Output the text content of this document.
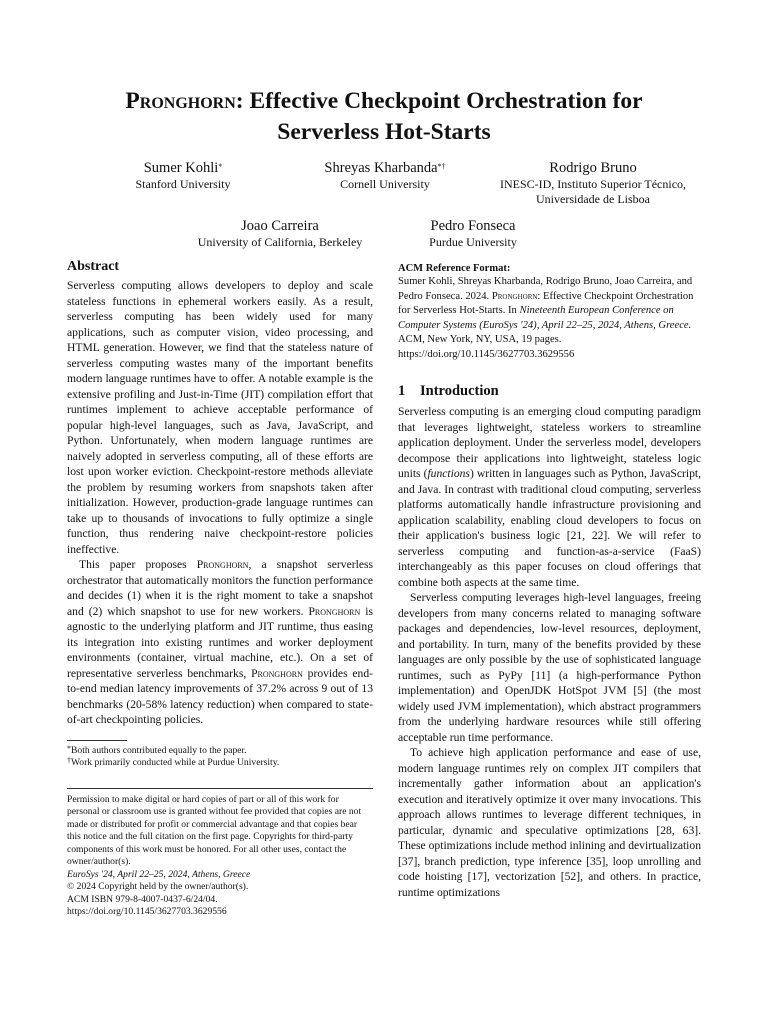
Pronghorn: Effective Checkpoint Orchestration for
Serverless Hot-Starts
Sumer Kohli*
Stanford University
Shreyas Kharbanda*†
Cornell University
Rodrigo Bruno
INESC-ID, Instituto Superior Técnico,
Universidade de Lisboa
Joao Carreira
University of California, Berkeley
Pedro Fonseca
Purdue University
Abstract

Serverless computing allows developers to deploy and scale stateless functions in ephemeral workers easily. As a result, serverless computing has been widely used for many applications, such as computer vision, video processing, and HTML generation. However, we find that the stateless nature of serverless computing wastes many of the important benefits modern language runtimes have to offer. A notable example is the extensive profiling and Just-in-Time (JIT) compilation effort that runtimes implement to achieve acceptable performance of popular high-level languages, such as Java, JavaScript, and Python. Unfortunately, when modern language runtimes are naively adopted in serverless computing, all of these efforts are lost upon worker eviction. Checkpoint-restore methods alleviate the problem by resuming workers from snapshots taken after initialization. However, production-grade language runtimes can take up to thousands of invocations to fully optimize a single function, thus rendering naive checkpoint-restore policies ineffective.

This paper proposes Pronghorn, a snapshot serverless orchestrator that automatically monitors the function performance and decides (1) when it is the right moment to take a snapshot and (2) which snapshot to use for new workers. Pronghorn is agnostic to the underlying platform and JIT runtime, thus easing its integration into existing runtimes and worker deployment environments (container, virtual machine, etc.). On a set of representative serverless benchmarks, Pronghorn provides end-to-end median latency improvements of 37.2% across 9 out of 13 benchmarks (20-58% latency reduction) when compared to state-of-art checkpointing policies.

*Both authors contributed equally to the paper.
†Work primarily conducted while at Purdue University.
Permission to make digital or hard copies of part or all of this work for personal or classroom use is granted without fee provided that copies are not made or distributed for profit or commercial advantage and that copies bear this notice and the full citation on the first page. Copyrights for third-party components of this work must be honored. For all other uses, contact the owner/author(s).
EuroSys '24, April 22–25, 2024, Athens, Greece
© 2024 Copyright held by the owner/author(s).
ACM ISBN 979-8-4007-0437-6/24/04.
https://doi.org/10.1145/3627703.3629556
ACM Reference Format:
Sumer Kohli, Shreyas Kharbanda, Rodrigo Bruno, Joao Carreira, and Pedro Fonseca. 2024. Pronghorn: Effective Checkpoint Orchestration for Serverless Hot-Starts. In Nineteenth European Conference on Computer Systems (EuroSys '24), April 22–25, 2024, Athens, Greece. ACM, New York, NY, USA, 19 pages. https://doi.org/10.1145/3627703.3629556
1 Introduction

Serverless computing is an emerging cloud computing paradigm that leverages lightweight, stateless workers to streamline application deployment. Under the serverless model, developers decompose their applications into lightweight, stateless logic units (functions) written in languages such as Python, JavaScript, and Java. In contrast with traditional cloud computing, serverless platforms automatically handle infrastructure provisioning and application scalability, enabling cloud developers to focus on their application's business logic [21, 22]. We will refer to serverless computing and function-as-a-service (FaaS) interchangeably as this paper focuses on cloud offerings that combine both aspects at the same time.

Serverless computing leverages high-level languages, freeing developers from many concerns related to managing software packages and dependencies, low-level resources, deployment, and portability. In turn, many of the benefits provided by these languages are only possible by the use of sophisticated language runtimes, such as PyPy [11] (a high-performance Python implementation) and OpenJDK HotSpot JVM [5] (the most widely used JVM implementation), which abstract programmers from the underlying hardware resources while still offering acceptable run time performance.

To achieve high application performance and ease of use, modern language runtimes rely on complex JIT compilers that incrementally gather information about an application's execution and iteratively optimize it over many invocations. This approach allows runtimes to leverage different techniques, in particular, dynamic and speculative optimizations [28, 63]. These optimizations include method inlining and devirtualization [37], branch prediction, type inference [35], loop unrolling and code hoisting [17], vectorization [52], and others. In practice, runtime optimizations
